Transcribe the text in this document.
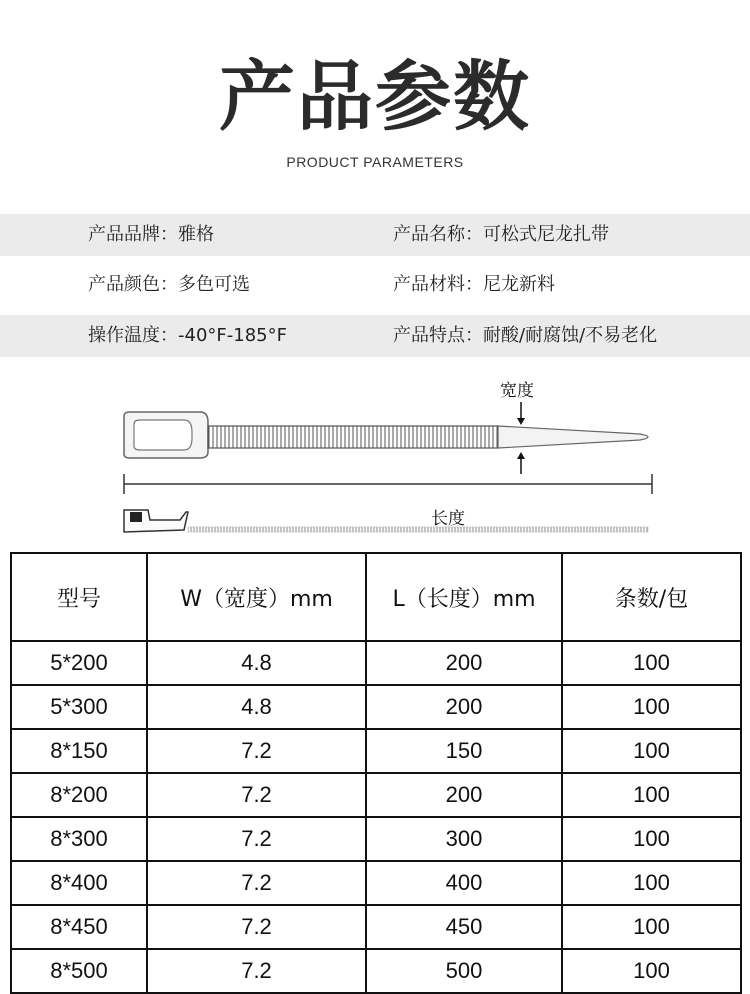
产品参数
PRODUCT PARAMETERS
产品品牌：雅格	产品名称：可松式尼龙扎带
产品颜色：多色可选	产品材料：尼龙新料
操作温度：-40°F-185°F	产品特点：耐酸/耐腐蚀/不易老化
宽度
长度
型号	W（宽度）mm	L（长度）mm	条数/包
5*200	4.8	200	100
5*300	4.8	200	100
8*150	7.2	150	100
8*200	7.2	200	100
8*300	7.2	300	100
8*400	7.2	400	100
8*450	7.2	450	100
8*500	7.2	500	100
